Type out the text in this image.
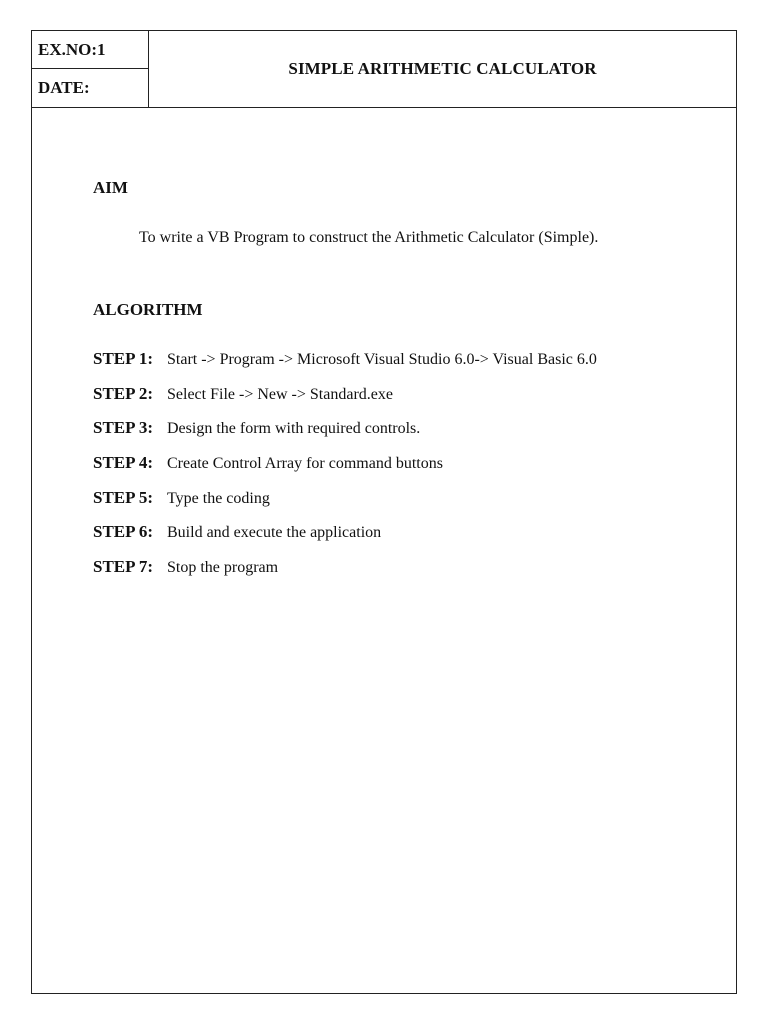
EX.NO:1
DATE:
SIMPLE ARITHMETIC CALCULATOR
AIM

To write a VB Program to construct the Arithmetic Calculator (Simple).

ALGORITHM
STEP 1: Start -> Program -> Microsoft Visual Studio 6.0-> Visual Basic 6.0
STEP 2: Select File -> New -> Standard.exe
STEP 3: Design the form with required controls.
STEP 4: Create Control Array for command buttons
STEP 5: Type the coding
STEP 6: Build and execute the application
STEP 7: Stop the program
